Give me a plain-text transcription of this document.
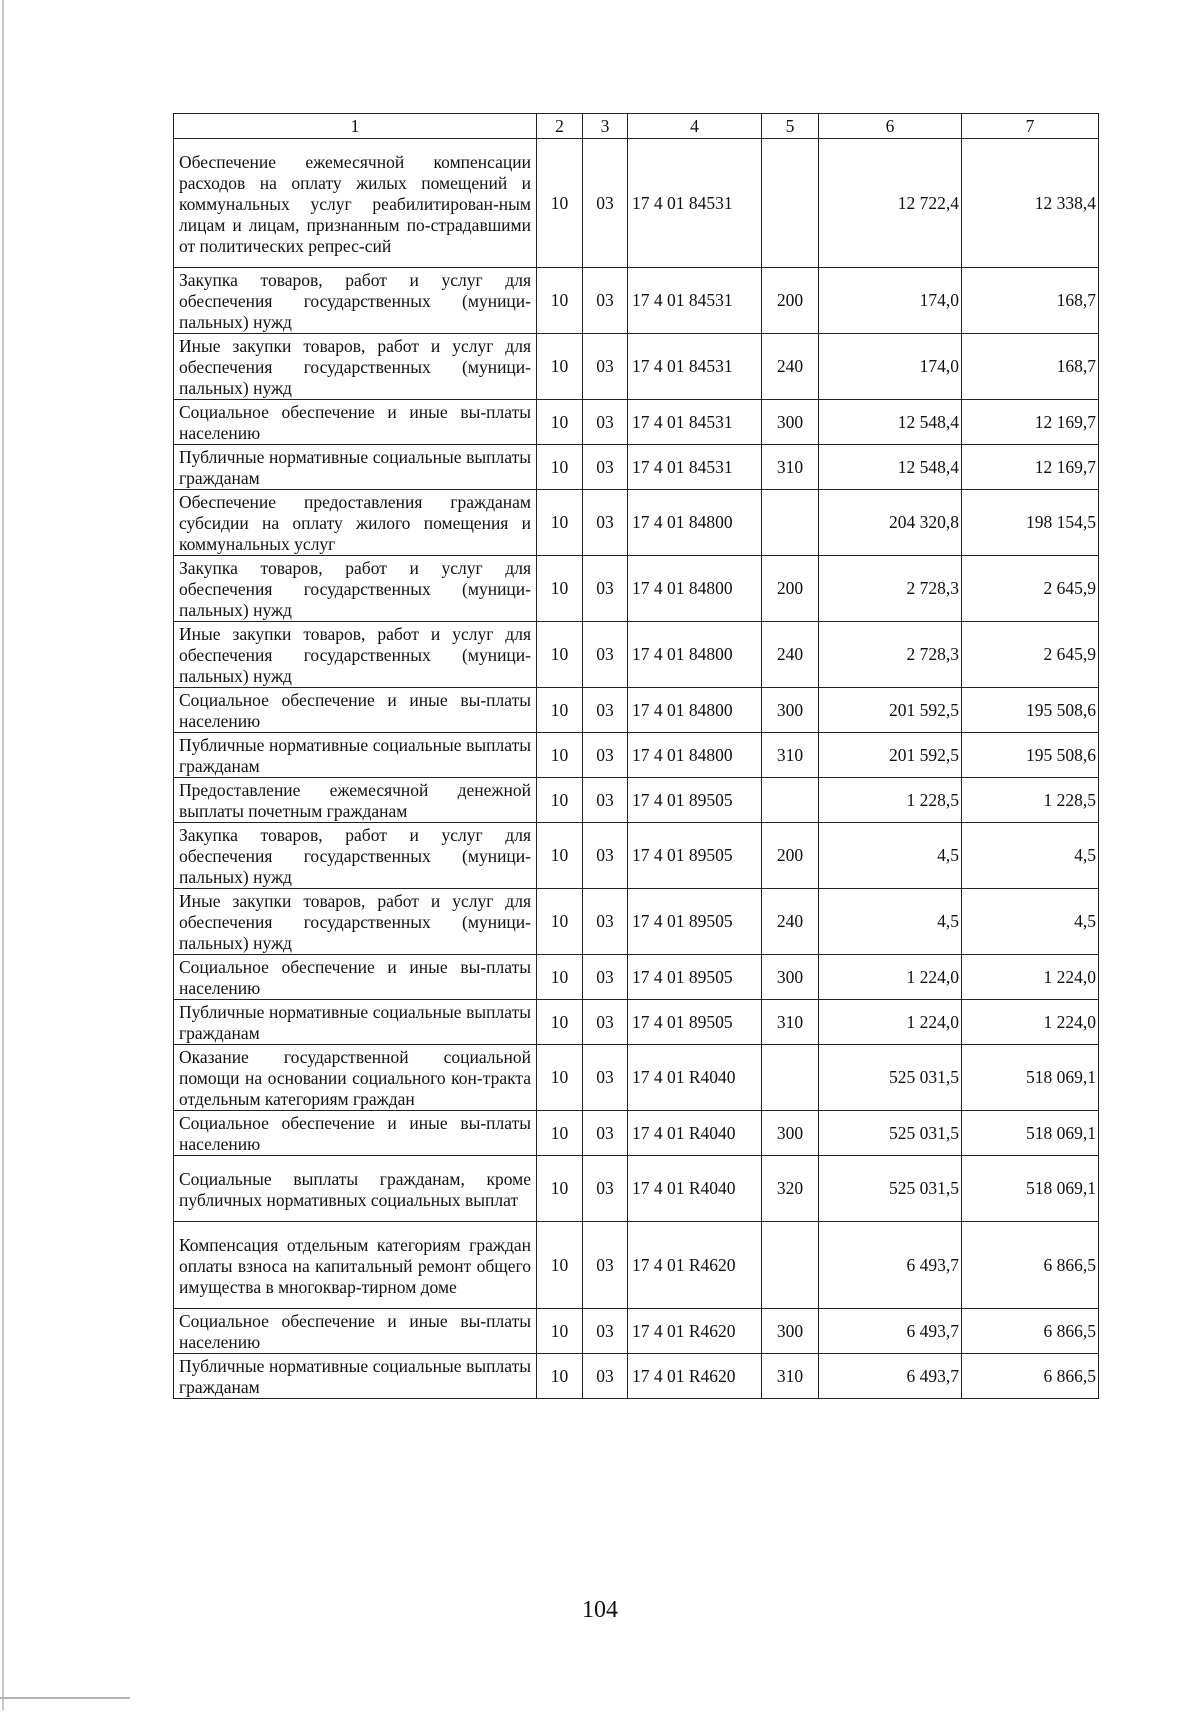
1	2	3	4	5	6	7
Обеспечение ежемесячной компенсации расходов на оплату жилых помещений и коммунальных услуг реабилитирован-ным лицам и лицам, признанным по-страдавшими от политических репрес-сий	10	03	17 4 01 84531		12 722,4	12 338,4
Закупка товаров, работ и услуг для обеспечения государственных (муници-пальных) нужд	10	03	17 4 01 84531	200	174,0	168,7
Иные закупки товаров, работ и услуг для обеспечения государственных (муници-пальных) нужд	10	03	17 4 01 84531	240	174,0	168,7
Социальное обеспечение и иные вы-платы населению	10	03	17 4 01 84531	300	12 548,4	12 169,7
Публичные нормативные социальные выплаты гражданам	10	03	17 4 01 84531	310	12 548,4	12 169,7
Обеспечение предоставления гражданам субсидии на оплату жилого помещения и коммунальных услуг	10	03	17 4 01 84800		204 320,8	198 154,5
Закупка товаров, работ и услуг для обеспечения государственных (муници-пальных) нужд	10	03	17 4 01 84800	200	2 728,3	2 645,9
Иные закупки товаров, работ и услуг для обеспечения государственных (муници-пальных) нужд	10	03	17 4 01 84800	240	2 728,3	2 645,9
Социальное обеспечение и иные вы-платы населению	10	03	17 4 01 84800	300	201 592,5	195 508,6
Публичные нормативные социальные выплаты гражданам	10	03	17 4 01 84800	310	201 592,5	195 508,6
Предоставление ежемесячной денежной выплаты почетным гражданам	10	03	17 4 01 89505		1 228,5	1 228,5
Закупка товаров, работ и услуг для обеспечения государственных (муници-пальных) нужд	10	03	17 4 01 89505	200	4,5	4,5
Иные закупки товаров, работ и услуг для обеспечения государственных (муници-пальных) нужд	10	03	17 4 01 89505	240	4,5	4,5
Социальное обеспечение и иные вы-платы населению	10	03	17 4 01 89505	300	1 224,0	1 224,0
Публичные нормативные социальные выплаты гражданам	10	03	17 4 01 89505	310	1 224,0	1 224,0
Оказание государственной социальной помощи на основании социального кон-тракта отдельным категориям граждан	10	03	17 4 01 R4040		525 031,5	518 069,1
Социальное обеспечение и иные вы-платы населению	10	03	17 4 01 R4040	300	525 031,5	518 069,1
Социальные выплаты гражданам, кроме публичных нормативных социальных выплат	10	03	17 4 01 R4040	320	525 031,5	518 069,1
Компенсация отдельным категориям граждан оплаты взноса на капитальный ремонт общего имущества в многоквар-тирном доме	10	03	17 4 01 R4620		6 493,7	6 866,5
Социальное обеспечение и иные вы-платы населению	10	03	17 4 01 R4620	300	6 493,7	6 866,5
Публичные нормативные социальные выплаты гражданам	10	03	17 4 01 R4620	310	6 493,7	6 866,5
104
